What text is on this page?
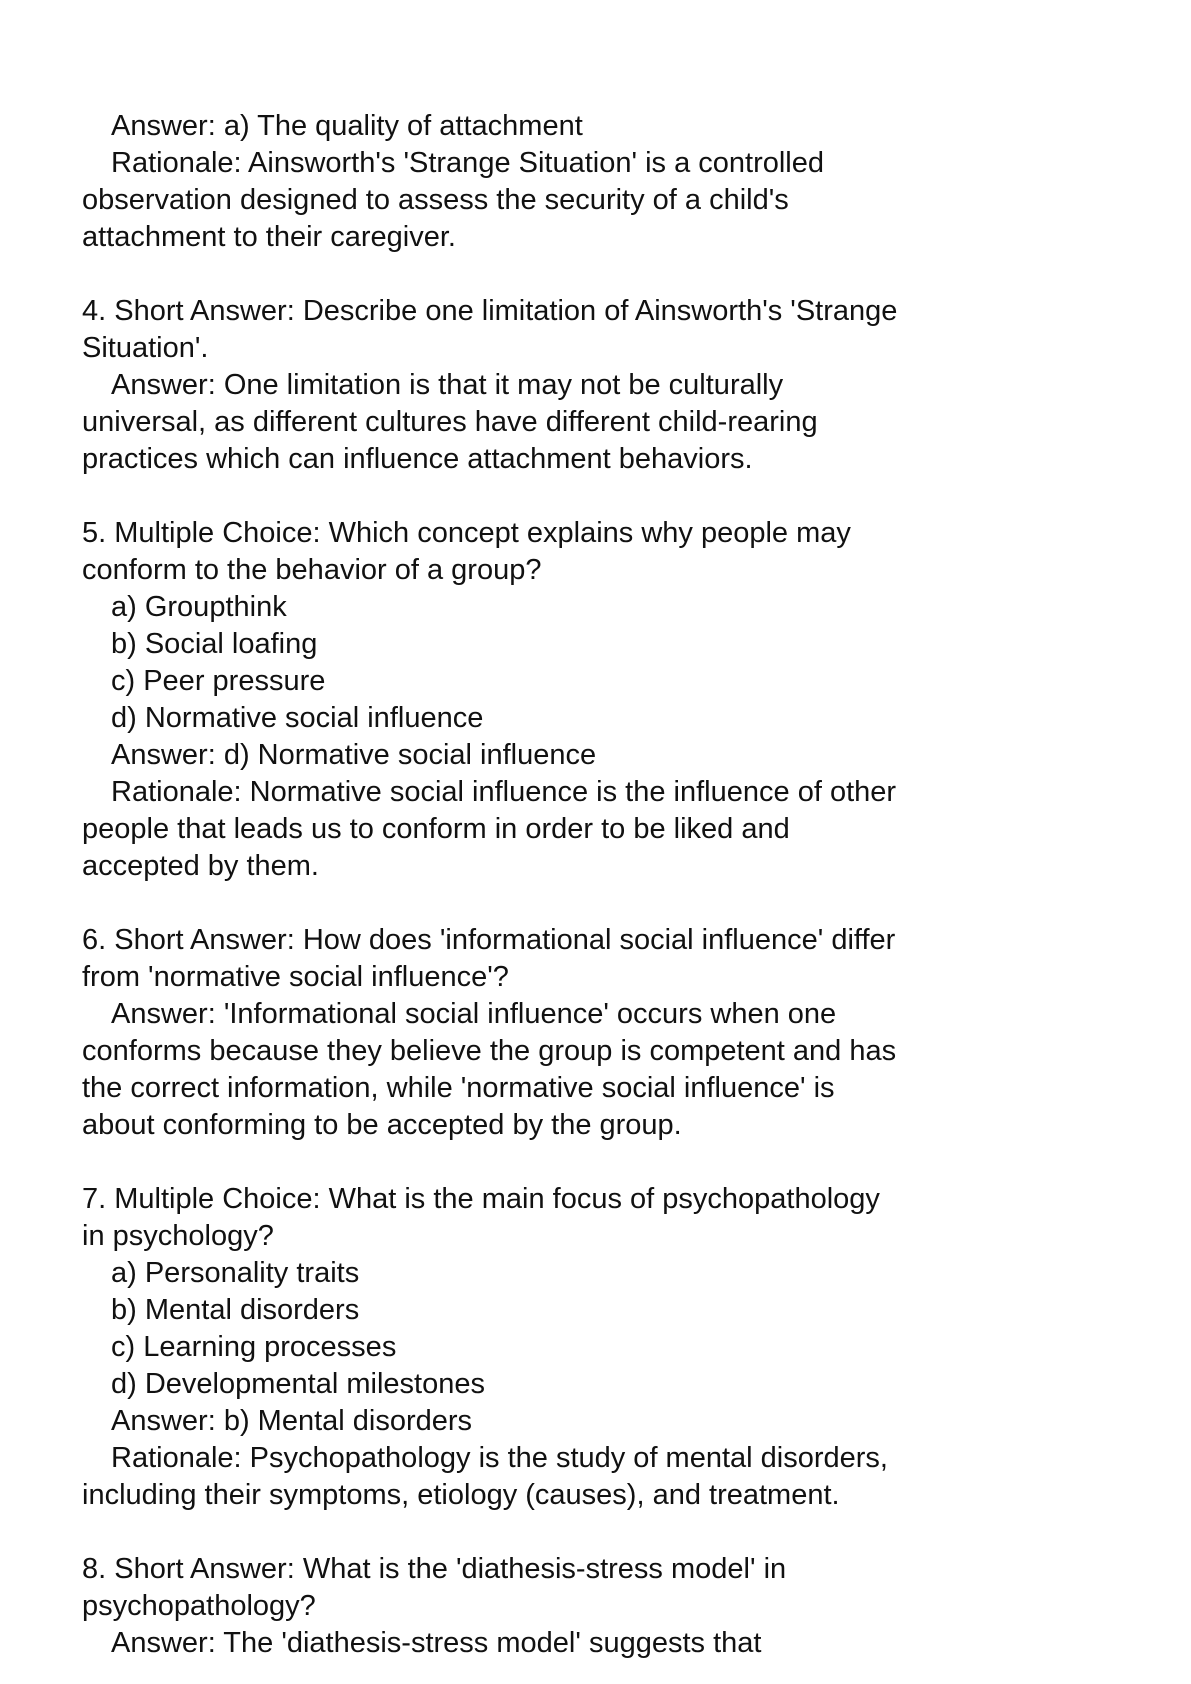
Answer: a) The quality of attachment
Rationale: Ainsworth's 'Strange Situation' is a controlled
observation designed to assess the security of a child's
attachment to their caregiver.
4. Short Answer: Describe one limitation of Ainsworth's 'Strange
Situation'.
Answer: One limitation is that it may not be culturally
universal, as different cultures have different child-rearing
practices which can influence attachment behaviors.
5. Multiple Choice: Which concept explains why people may
conform to the behavior of a group?
a) Groupthink
b) Social loafing
c) Peer pressure
d) Normative social influence
Answer: d) Normative social influence
Rationale: Normative social influence is the influence of other
people that leads us to conform in order to be liked and
accepted by them.
6. Short Answer: How does 'informational social influence' differ
from 'normative social influence'?
Answer: 'Informational social influence' occurs when one
conforms because they believe the group is competent and has
the correct information, while 'normative social influence' is
about conforming to be accepted by the group.
7. Multiple Choice: What is the main focus of psychopathology
in psychology?
a) Personality traits
b) Mental disorders
c) Learning processes
d) Developmental milestones
Answer: b) Mental disorders
Rationale: Psychopathology is the study of mental disorders,
including their symptoms, etiology (causes), and treatment.
8. Short Answer: What is the 'diathesis-stress model' in
psychopathology?
Answer: The 'diathesis-stress model' suggests that
